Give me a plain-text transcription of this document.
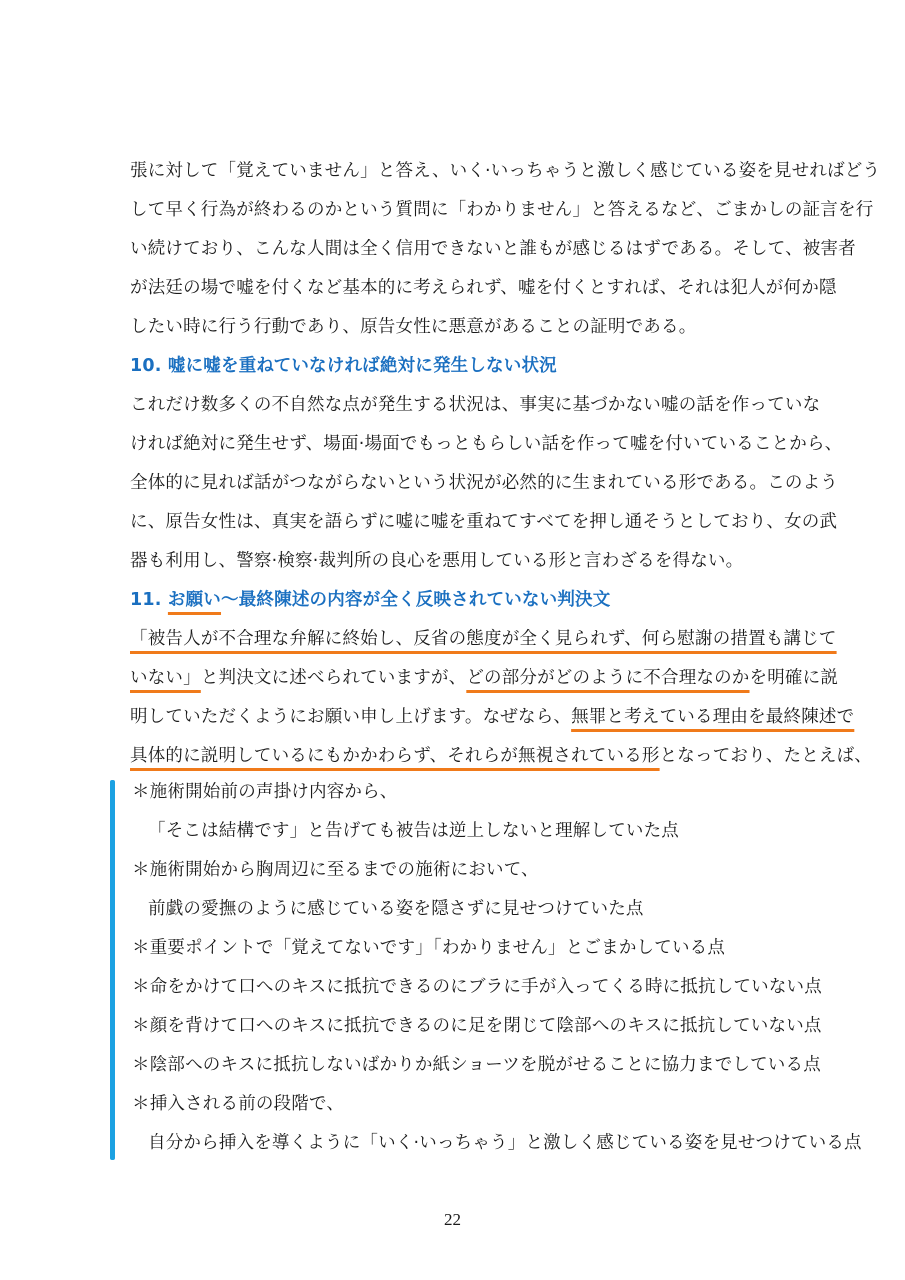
張に対して「覚えていません」と答え、いく·いっちゃうと激しく感じている姿を見せればどう
して早く行為が終わるのかという質問に「わかりません」と答えるなど、ごまかしの証言を行
い続けており、こんな人間は全く信用できないと誰もが感じるはずである。そして、被害者
が法廷の場で嘘を付くなど基本的に考えられず、嘘を付くとすれば、それは犯人が何か隠
したい時に行う行動であり、原告女性に悪意があることの証明である。
10. 嘘に嘘を重ねていなければ絶対に発生しない状況
これだけ数多くの不自然な点が発生する状況は、事実に基づかない嘘の話を作っていな
ければ絶対に発生せず、場面·場面でもっともらしい話を作って嘘を付いていることから、
全体的に見れば話がつながらないという状況が必然的に生まれている形である。このよう
に、原告女性は、真実を語らずに嘘に嘘を重ねてすべてを押し通そうとしており、女の武
器も利用し、警察·検察·裁判所の良心を悪用している形と言わざるを得ない。
11. お願い～最終陳述の内容が全く反映されていない判決文
「被告人が不合理な弁解に終始し、反省の態度が全く見られず、何ら慰謝の措置も講じて
いない」と判決文に述べられていますが、どの部分がどのように不合理なのかを明確に説
明していただくようにお願い申し上げます。なぜなら、無罪と考えている理由を最終陳述で
具体的に説明しているにもかかわらず、それらが無視されている形となっており、たとえば、
＊施術開始前の声掛け内容から、
「そこは結構です」と告げても被告は逆上しないと理解していた点
＊施術開始から胸周辺に至るまでの施術において、
前戯の愛撫のように感じている姿を隠さずに見せつけていた点
＊重要ポイントで「覚えてないです」「わかりません」とごまかしている点
＊命をかけて口へのキスに抵抗できるのにブラに手が入ってくる時に抵抗していない点
＊顔を背けて口へのキスに抵抗できるのに足を閉じて陰部へのキスに抵抗していない点
＊陰部へのキスに抵抗しないばかりか紙ショーツを脱がせることに協力までしている点
＊挿入される前の段階で、
自分から挿入を導くように「いく·いっちゃう」と激しく感じている姿を見せつけている点
22
